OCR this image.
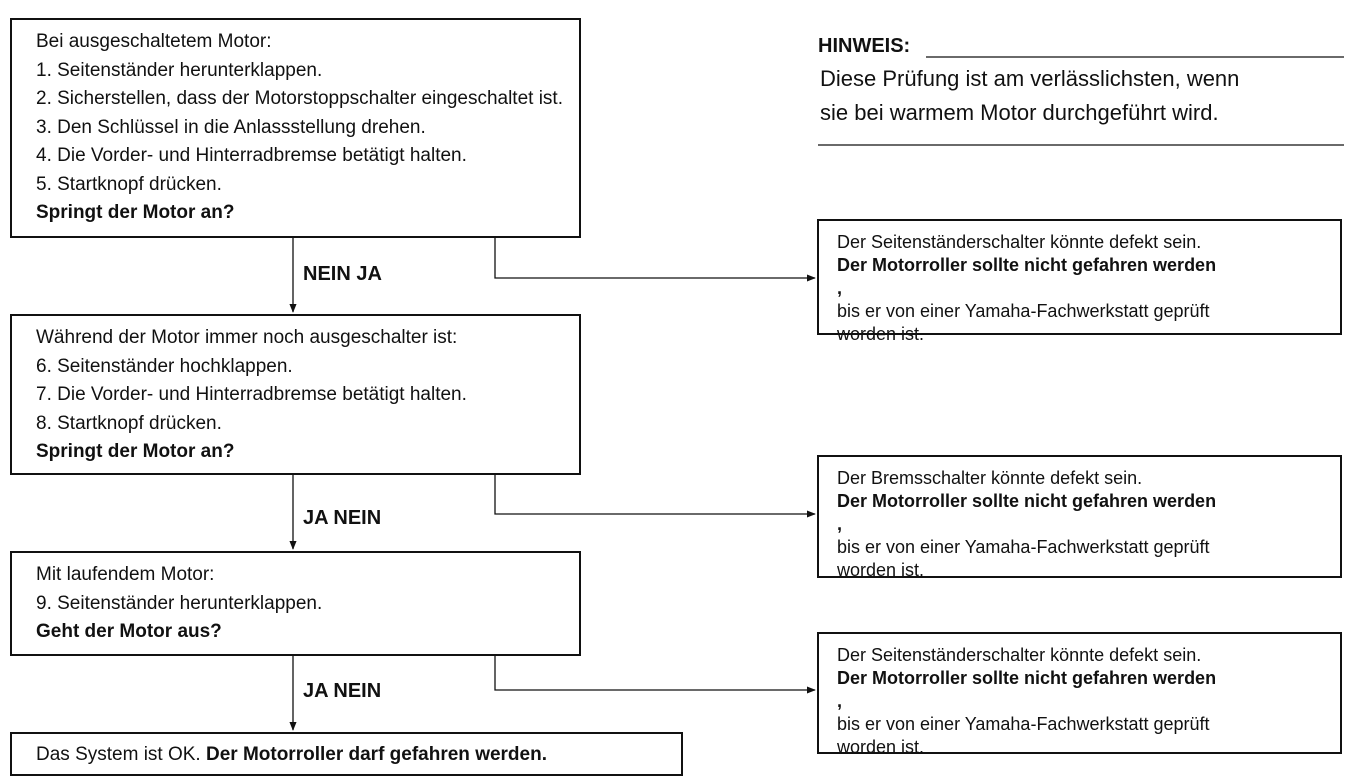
HINWEIS:
Diese Prüfung ist am verlässlichsten, wenn
sie bei warmem Motor durchgeführt wird.
Bei ausgeschaltetem Motor:
1. Seitenständer herunterklappen.
2. Sicherstellen, dass der Motorstoppschalter eingeschaltet ist.
3. Den Schlüssel in die Anlassstellung drehen.
4. Die Vorder- und Hinterradbremse betätigt halten.
5. Startknopf drücken.
Springt der Motor an?
Während der Motor immer noch ausgeschalter ist:
6. Seitenständer hochklappen.
7. Die Vorder- und Hinterradbremse betätigt halten.
8. Startknopf drücken.
Springt der Motor an?
Mit laufendem Motor:
9. Seitenständer herunterklappen.
Geht der Motor aus?
Das System ist OK. Der Motorroller darf gefahren werden.
NEIN JA
JA NEIN
JA NEIN
Der Seitenständerschalter könnte defekt sein.
Der Motorroller sollte nicht gefahren werden
,
bis er von einer Yamaha-Fachwerkstatt geprüft
worden ist.
Der Bremsschalter könnte defekt sein.
Der Motorroller sollte nicht gefahren werden
,
bis er von einer Yamaha-Fachwerkstatt geprüft
worden ist.
Der Seitenständerschalter könnte defekt sein.
Der Motorroller sollte nicht gefahren werden
,
bis er von einer Yamaha-Fachwerkstatt geprüft
worden ist.
